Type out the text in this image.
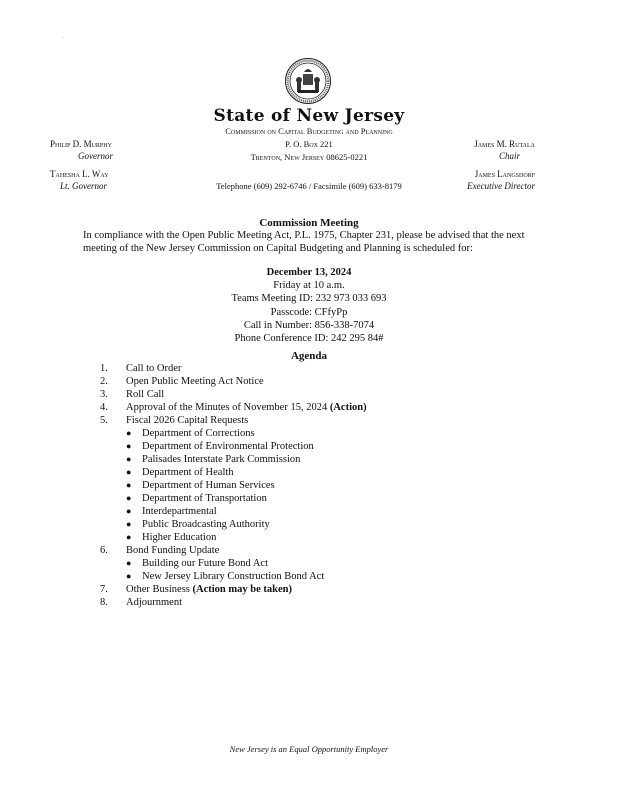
·
State of New Jersey
Commission on Capital Budgeting and Planning
P. O. Box 221
Trenton, New Jersey 08625-0221
Telephone (609) 292-6746 / Facsimile (609) 633-8179
Philip D. Murphy
Governor
Tahesha L. Way
Lt. Governor
James M. Rutala
Chair
James Langsdorf
Executive Director
Commission Meeting
In compliance with the Open Public Meeting Act, P.L. 1975, Chapter 231, please be advised that the next meeting of the New Jersey Commission on Capital Budgeting and Planning is scheduled for:
December 13, 2024
Friday at 10 a.m.
Teams Meeting ID: 232 973 033 693
Passcode: CFfyPp
Call in Number: 856-338-7074
Phone Conference ID: 242 295 84#
Agenda
1. Call to Order
2. Open Public Meeting Act Notice
3. Roll Call
4. Approval of the Minutes of November 15, 2024 (Action)
5. Fiscal 2026 Capital Requests
● Department of Corrections
● Department of Environmental Protection
● Palisades Interstate Park Commission
● Department of Health
● Department of Human Services
● Department of Transportation
● Interdepartmental
● Public Broadcasting Authority
● Higher Education
6. Bond Funding Update
● Building our Future Bond Act
● New Jersey Library Construction Bond Act
7. Other Business (Action may be taken)
8. Adjournment
New Jersey is an Equal Opportunity Employer
